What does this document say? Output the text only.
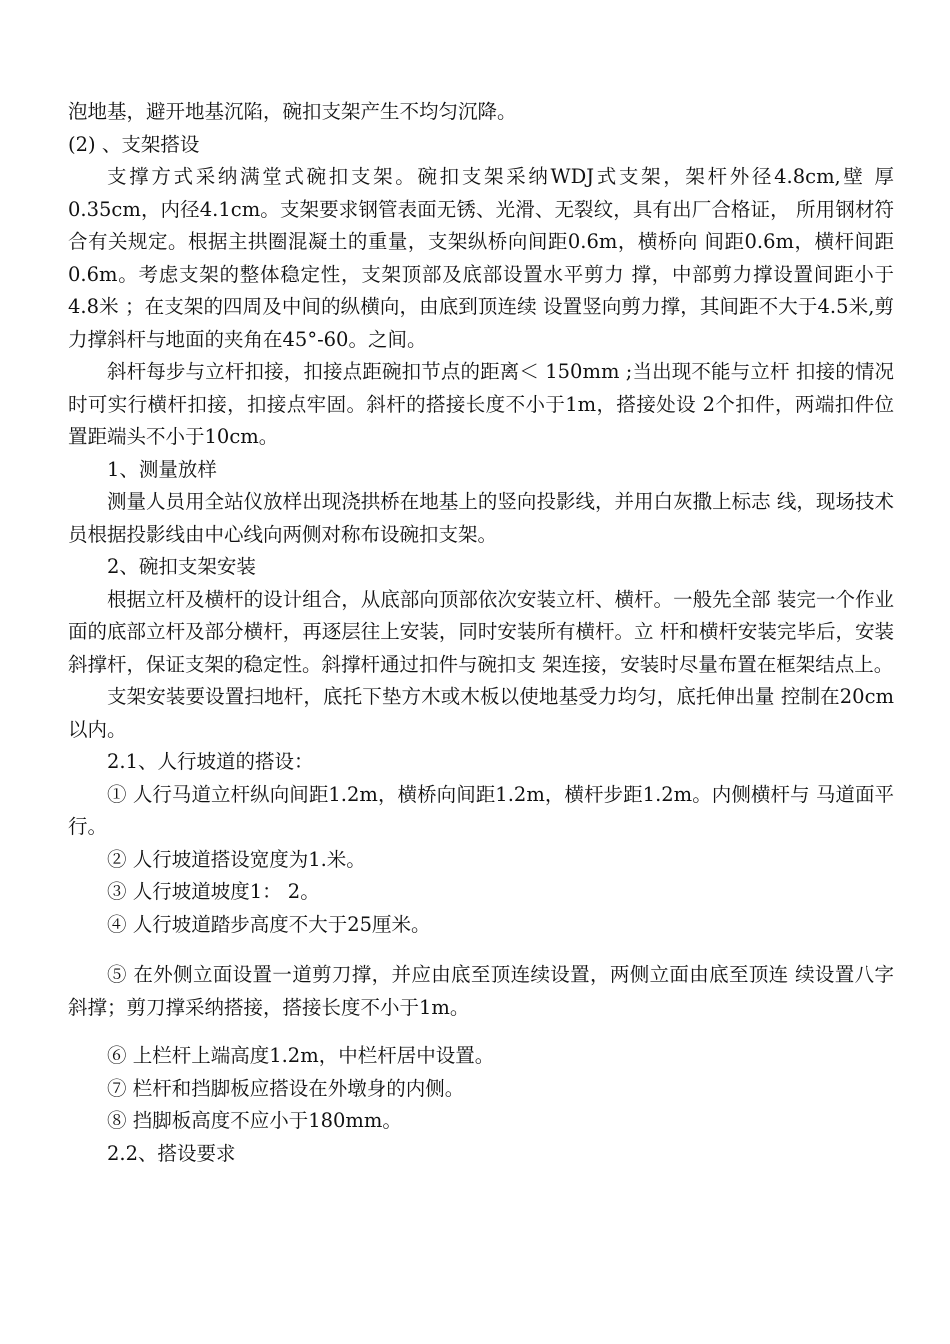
泡地基，避开地基沉陷，碗扣支架产生不均匀沉降。

(2) 、支架搭设

支撑方式采纳满堂式碗扣支架。碗扣支架采纳WDJ式支架，架杆外径4.8cm,壁 厚0.35cm，内径4.1cm。支架要求钢管表面无锈、光滑、无裂纹，具有出厂合格证， 所用钢材符合有关规定。根据主拱圈混凝土的重量，支架纵桥向间距0.6m，横桥向 间距0.6m，横杆间距0.6m。考虑支架的整体稳定性，支架顶部及底部设置水平剪力 撑，中部剪力撑设置间距小于4.8米 ；在支架的四周及中间的纵横向，由底到顶连续 设置竖向剪力撑，其间距不大于4.5米,剪力撑斜杆与地面的夹角在45°-60。之间。

斜杆每步与立杆扣接，扣接点距碗扣节点的距离＜ 150mm ;当出现不能与立杆 扣接的情况时可实行横杆扣接，扣接点牢固。斜杆的搭接长度不小于1m，搭接处设 2个扣件，两端扣件位置距端头不小于10cm。

1、测量放样

测量人员用全站仪放样出现浇拱桥在地基上的竖向投影线，并用白灰撒上标志 线，现场技术员根据投影线由中心线向两侧对称布设碗扣支架。

2、碗扣支架安装

根据立杆及横杆的设计组合，从底部向顶部依次安装立杆、横杆。一般先全部 装完一个作业面的底部立杆及部分横杆，再逐层往上安装，同时安装所有横杆。立 杆和横杆安装完毕后，安装斜撑杆，保证支架的稳定性。斜撑杆通过扣件与碗扣支 架连接，安装时尽量布置在框架结点上。

支架安装要设置扫地杆，底托下垫方木或木板以使地基受力均匀，底托伸出量 控制在20cm以内。

2.1、人行坡道的搭设：

① 人行马道立杆纵向间距1.2m，横桥向间距1.2m，横杆步距1.2m。内侧横杆与 马道面平行。

② 人行坡道搭设宽度为1.米。

③ 人行坡道坡度1： 2。

④ 人行坡道踏步高度不大于25厘米。

⑤ 在外侧立面设置一道剪刀撑，并应由底至顶连续设置，两侧立面由底至顶连 续设置八字斜撑；剪刀撑采纳搭接，搭接长度不小于1m。

⑥ 上栏杆上端高度1.2m，中栏杆居中设置。

⑦ 栏杆和挡脚板应搭设在外墩身的内侧。

⑧ 挡脚板高度不应小于180mm。

2.2、搭设要求
